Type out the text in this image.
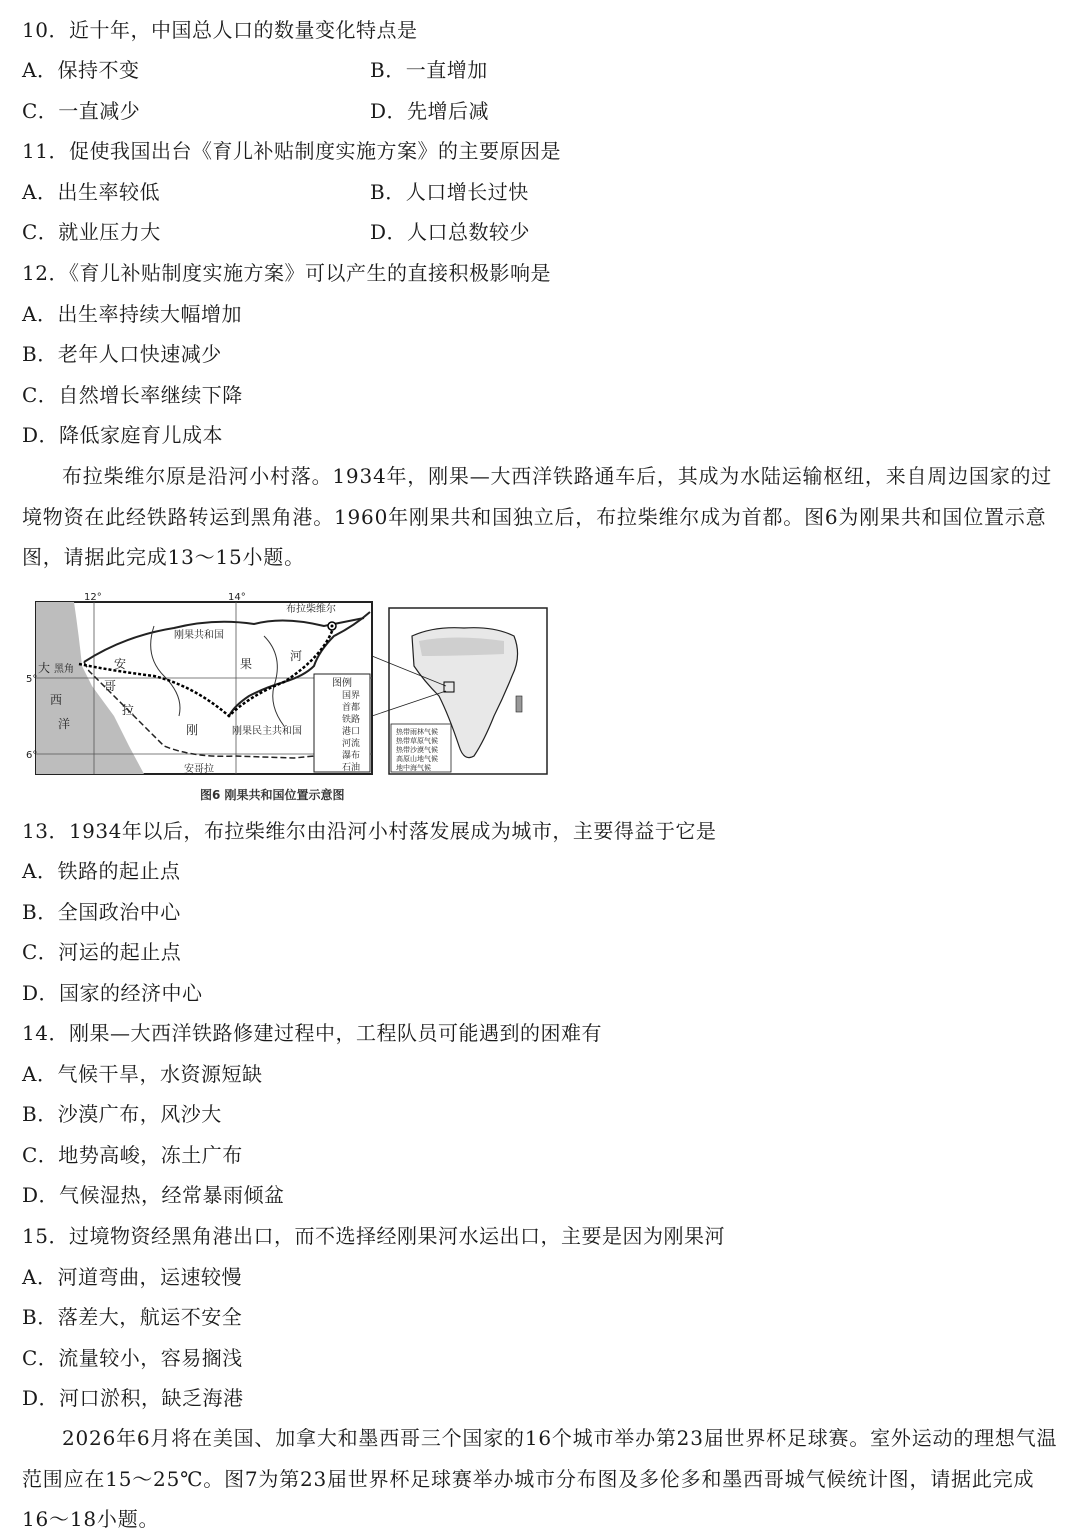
10．近十年，中国总人口的数量变化特点是
A．保持不变	B．一直增加
C．一直减少	D．先增后减
11．促使我国出台《育儿补贴制度实施方案》的主要原因是
A．出生率较低	B．人口增长过快
C．就业压力大	D．人口总数较少
12．《育儿补贴制度实施方案》可以产生的直接积极影响是
A．出生率持续大幅增加
B．老年人口快速减少
C．自然增长率继续下降
D．降低家庭育儿成本
布拉柴维尔原是沿河小村落。1934年，刚果—大西洋铁路通车后，其成为水陆运输枢纽，来自周边国家的过境物资在此经铁路转运到黑角港。1960年刚果共和国独立后，布拉柴维尔成为首都。图6为刚果共和国位置示意图，请据此完成13～15小题。
12°	14°
5°
6°
刚果共和国
布拉柴维尔
黑角
大
西
洋
安
哥
拉
果
河
刚	刚果民主共和国
安哥拉
图例
国界
首都
铁路
港口
河流
瀑布
石油
热带雨林气候
热带草原气候
热带沙漠气候
高原山地气候
地中海气候
图6 刚果共和国位置示意图
13．1934年以后，布拉柴维尔由沿河小村落发展成为城市，主要得益于它是
A．铁路的起止点
B．全国政治中心
C．河运的起止点
D．国家的经济中心
14．刚果—大西洋铁路修建过程中，工程队员可能遇到的困难有
A．气候干旱，水资源短缺
B．沙漠广布，风沙大
C．地势高峻，冻土广布
D．气候湿热，经常暴雨倾盆
15．过境物资经黑角港出口，而不选择经刚果河水运出口，主要是因为刚果河
A．河道弯曲，运速较慢
B．落差大，航运不安全
C．流量较小，容易搁浅
D．河口淤积，缺乏海港
2026年6月将在美国、加拿大和墨西哥三个国家的16个城市举办第23届世界杯足球赛。室外运动的理想气温范围应在15～25℃。图7为第23届世界杯足球赛举办城市分布图及多伦多和墨西哥城气候统计图，请据此完成16～18小题。
